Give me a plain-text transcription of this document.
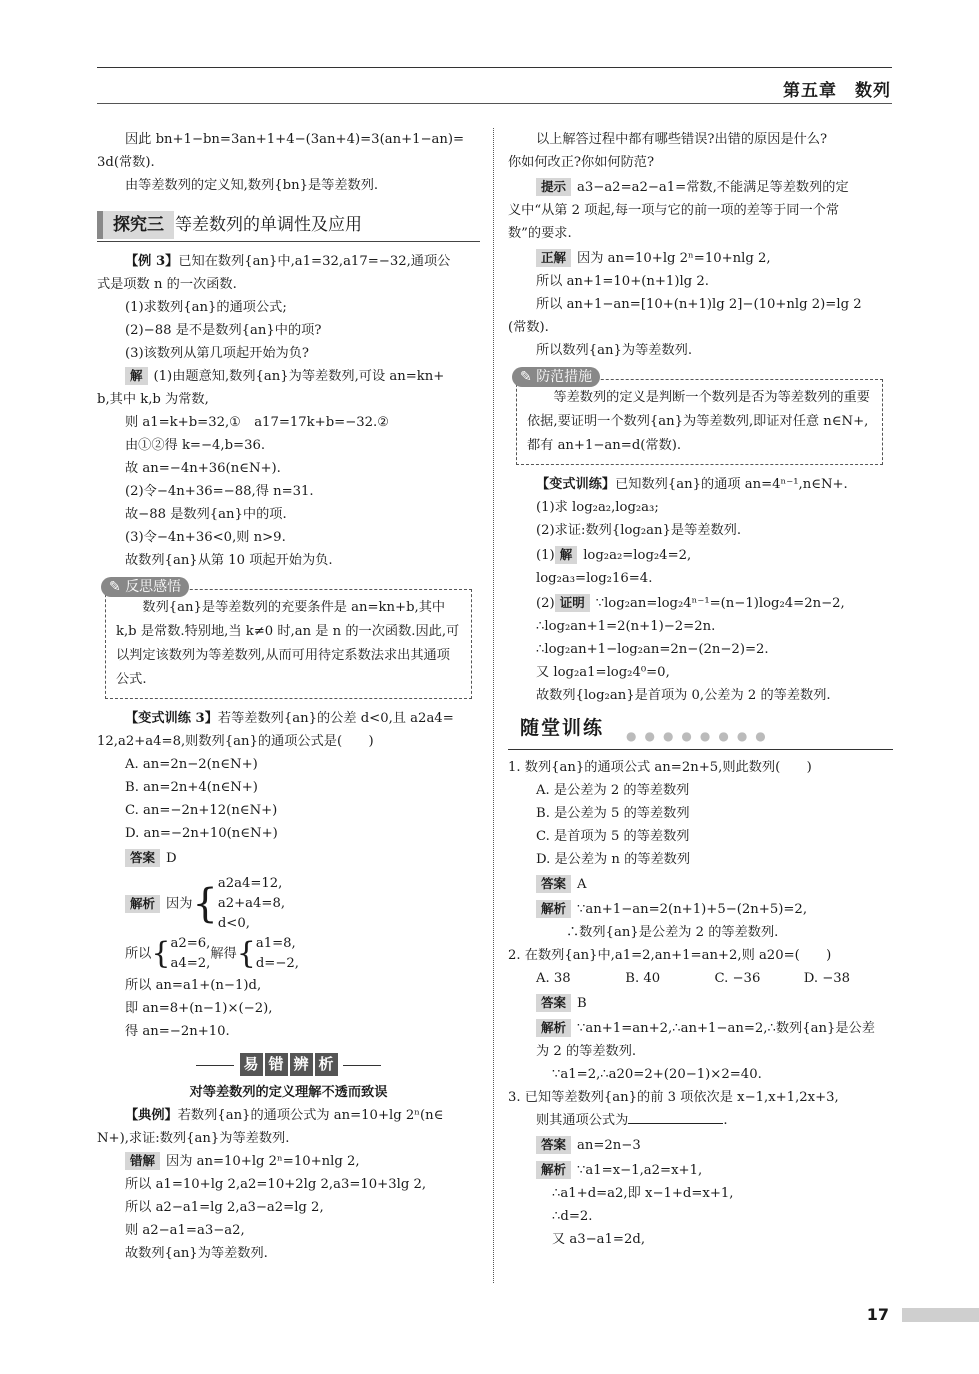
第五章　数列

因此 bn+1−bn=3an+1+4−(3an+4)=3(an+1−an)=

3d(常数).

由等差数列的定义知,数列{bn}是等差数列.

探究三 等差数列的单调性及应用

【例 3】已知在数列{an}中,a1=32,a17=−32,通项公

式是项数 n 的一次函数.

(1)求数列{an}的通项公式;

(2)−88 是不是数列{an}中的项?

(3)该数列从第几项起开始为负?

解 (1)由题意知,数列{an}为等差数列,可设 an=kn+

b,其中 k,b 为常数,

则 a1=k+b=32,①　a17=17k+b=−32.②

由①②得 k=−4,b=36.

故 an=−4n+36(n∈N+).

(2)令−4n+36=−88,得 n=31.

故−88 是数列{an}中的项.

(3)令−4n+36<0,则 n>9.

故数列{an}从第 10 项起开始为负.

✎ 反思感悟

数列{an}是等差数列的充要条件是 an=kn+b,其中 k,b 是常数.特别地,当 k≠0 时,an 是 n 的一次函数.因此,可以判定该数列为等差数列,从而可用待定系数法求出其通项公式.

【变式训练 3】若等差数列{an}的公差 d<0,且 a2a4=

12,a2+a4=8,则数列{an}的通项公式是(　　)

A. an=2n−2(n∈N+)

B. an=2n+4(n∈N+)

C. an=−2n+12(n∈N+)

D. an=−2n+10(n∈N+)

答案 D

解析 因为{ a2a4=12,
a2+a4=8,
d<0,

所以{ a2=6,
a4=2,
解得{ a1=8,
d=−2,

所以 an=a1+(n−1)d,

即 an=8+(n−1)×(−2),

得 an=−2n+10.

易 错 辨 析

对等差数列的定义理解不透而致误

【典例】若数列{an}的通项公式为 an=10+lg 2ⁿ(n∈

N+),求证:数列{an}为等差数列.

错解 因为 an=10+lg 2ⁿ=10+nlg 2,

所以 a1=10+lg 2,a2=10+2lg 2,a3=10+3lg 2,

所以 a2−a1=lg 2,a3−a2=lg 2,

则 a2−a1=a3−a2,

故数列{an}为等差数列.

以上解答过程中都有哪些错误?出错的原因是什么?

你如何改正?你如何防范?

提示 a3−a2=a2−a1=常数,不能满足等差数列的定

义中“从第 2 项起,每一项与它的前一项的差等于同一个常

数”的要求.

正解 因为 an=10+lg 2ⁿ=10+nlg 2,

所以 an+1=10+(n+1)lg 2.

所以 an+1−an=[10+(n+1)lg 2]−(10+nlg 2)=lg 2

(常数).

所以数列{an}为等差数列.

✎ 防范措施

等差数列的定义是判断一个数列是否为等差数列的重要依据,要证明一个数列{an}为等差数列,即证对任意 n∈N+,都有 an+1−an=d(常数).

【变式训练】已知数列{an}的通项 an=4ⁿ⁻¹,n∈N+.

(1)求 log₂a₂,log₂a₃;

(2)求证:数列{log₂an}是等差数列.

(1) 解 log₂a₂=log₂4=2,

log₂a₃=log₂16=4.

(2) 证明 ∵log₂an=log₂4ⁿ⁻¹=(n−1)log₂4=2n−2,

∴log₂an+1=2(n+1)−2=2n.

∴log₂an+1−log₂an=2n−(2n−2)=2.

又 log₂a1=log₂4⁰=0,

故数列{log₂an}是首项为 0,公差为 2 的等差数列.

随堂训练 ●●●●●●●●

1. 数列{an}的通项公式 an=2n+5,则此数列(　　)

A. 是公差为 2 的等差数列

B. 是公差为 5 的等差数列

C. 是首项为 5 的等差数列

D. 是公差为 n 的等差数列

答案 A

解析 ∵an+1−an=2(n+1)+5−(2n+5)=2,

∴数列{an}是公差为 2 的等差数列.

2. 在数列{an}中,a1=2,an+1=an+2,则 a20=(　　)

A. 38	B. 40	C. −36	D. −38

答案 B

解析 ∵an+1=an+2,∴an+1−an=2,∴数列{an}是公差

为 2 的等差数列.

∵a1=2,∴a20=2+(20−1)×2=40.

3. 已知等差数列{an}的前 3 项依次是 x−1,x+1,2x+3,

则其通项公式为	.

答案 an=2n−3

解析 ∵a1=x−1,a2=x+1,

∴a1+d=a2,即 x−1+d=x+1,

∴d=2.

又 a3−a1=2d,

17
